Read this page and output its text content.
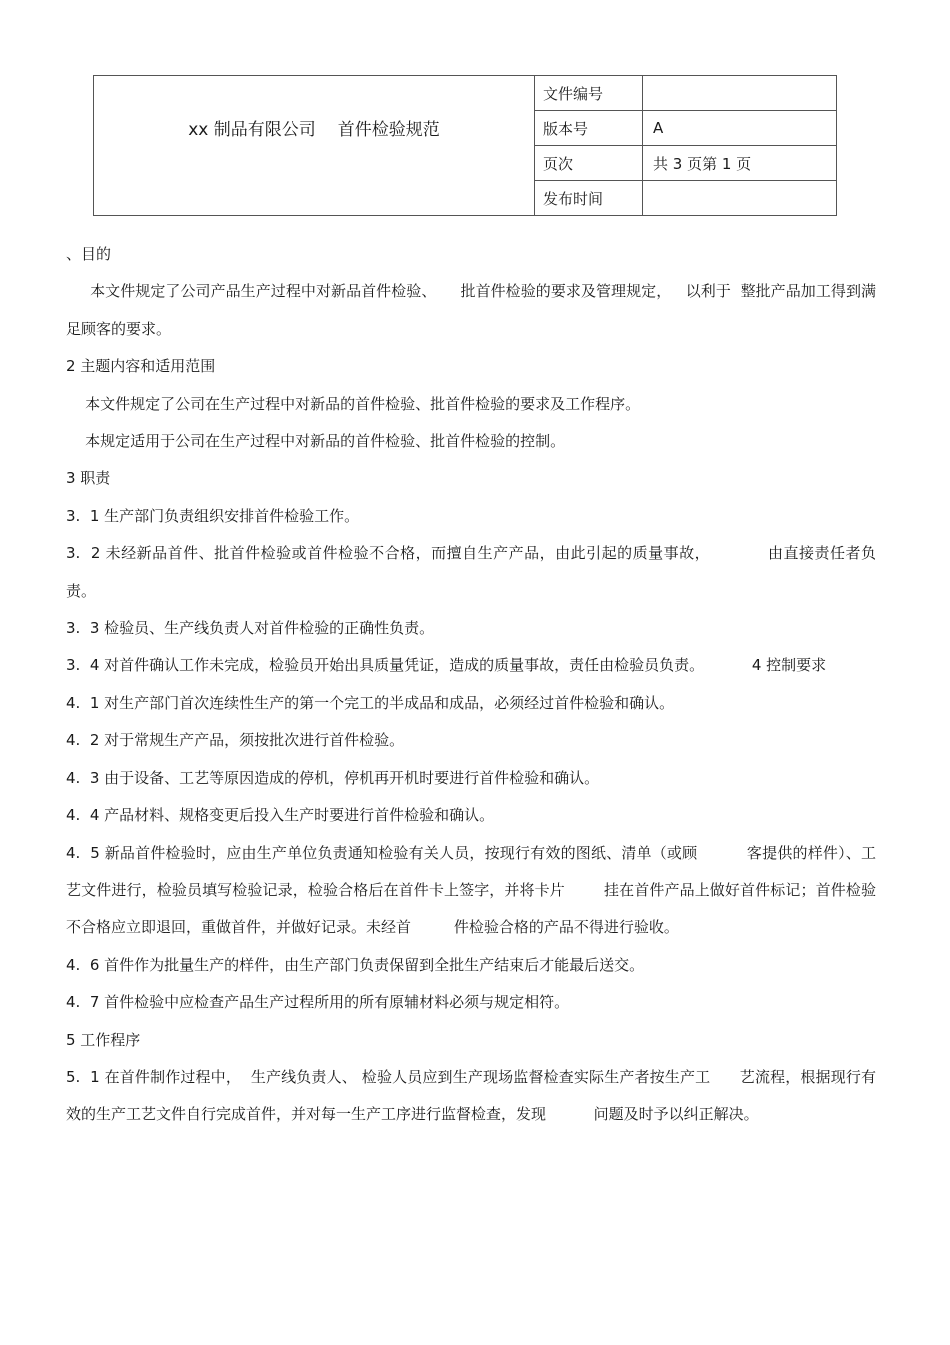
xx 制品有限公司 首件检验规范	文件编号	
	版本号	A
	页次	共 3 页第 1 页
	发布时间	

、目的

本文件规定了公司产品生产过程中对新品首件检验、     批首件检验的要求及管理规定，   以利于  整批产品加工得到满足顾客的要求。

2 主题内容和适用范围

本文件规定了公司在生产过程中对新品的首件检验、批首件检验的要求及工作程序。

本规定适用于公司在生产过程中对新品的首件检验、批首件检验的控制。

3 职责

3.  1 生产部门负责组织安排首件检验工作。

3.  2 未经新品首件、批首件检验或首件检验不合格，而擅自生产产品，由此引起的质量事故，           由直接责任者负责。

3.  3 检验员、生产线负责人对首件检验的正确性负责。

3.  4 对首件确认工作未完成，检验员开始出具质量凭证，造成的质量事故，责任由检验员负责。          4 控制要求

4.  1 对生产部门首次连续性生产的第一个完工的半成品和成品，必须经过首件检验和确认。

4.  2 对于常规生产产品，须按批次进行首件检验。

4.  3 由于设备、工艺等原因造成的停机，停机再开机时要进行首件检验和确认。

4.  4 产品材料、规格变更后投入生产时要进行首件检验和确认。

4.  5 新品首件检验时，应由生产单位负责通知检验有关人员，按现行有效的图纸、清单（或顾          客提供的样件）、工艺文件进行，检验员填写检验记录，检验合格后在首件卡上签字，并将卡片        挂在首件产品上做好首件标记；首件检验不合格应立即退回，重做首件，并做好记录。未经首         件检验合格的产品不得进行验收。

4.  6 首件作为批量生产的样件，由生产部门负责保留到全批生产结束后才能最后送交。

4.  7 首件检验中应检查产品生产过程所用的所有原辅材料必须与规定相符。

5 工作程序

5.  1 在首件制作过程中，  生产线负责人、 检验人员应到生产现场监督检查实际生产者按生产工      艺流程，根据现行有效的生产工艺文件自行完成首件，并对每一生产工序进行监督检查，发现          问题及时予以纠正解决。
